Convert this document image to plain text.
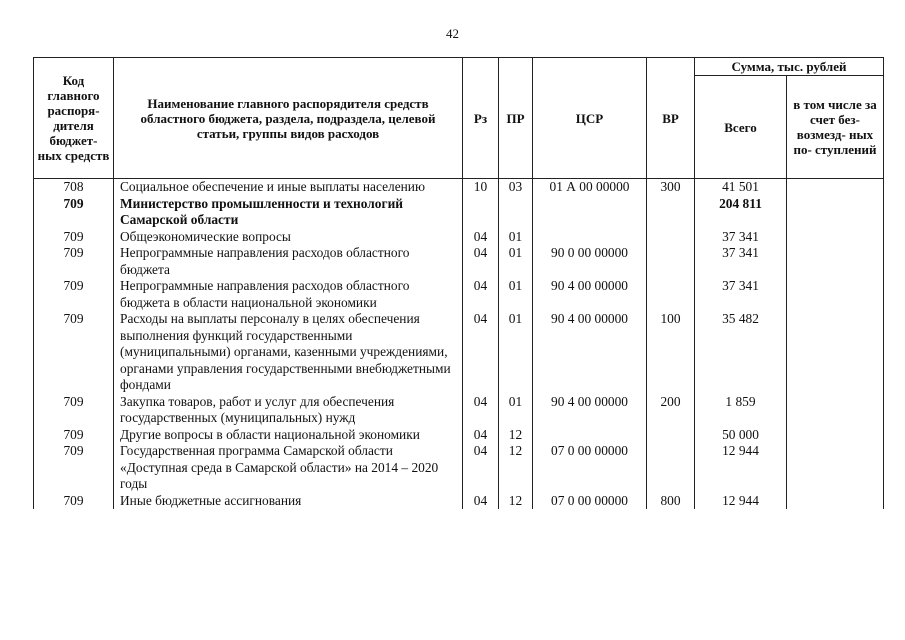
42
Код главного распоря- дителя бюджет- ных средств	Наименование главного распорядителя средств областного бюджета, раздела, подраздела, целевой статьи, группы видов расходов	Рз	ПР	ЦСР	ВР	Сумма, тыс. рублей	
						Всего	в том числе за счет без- возмезд- ных по- ступлений
708	Социальное обеспечение и иные выплаты населению	10	03	01 А 00 00000	300	41 501	
709	Министерство промышленности и технологий Самарской области					204 811	
709	Общеэкономические вопросы	04	01			37 341	
709	Непрограммные направления расходов областного бюджета	04	01	90 0 00 00000		37 341	
709	Непрограммные направления расходов областного бюджета в области национальной экономики	04	01	90 4 00 00000		37 341	
709	Расходы на выплаты персоналу в целях обеспечения выполнения функций государственными (муниципальными) органами, казенными учреждениями, органами управления государственными внебюджетными фондами	04	01	90 4 00 00000	100	35 482	
709	Закупка товаров, работ и услуг для обеспечения государственных (муниципальных) нужд	04	01	90 4 00 00000	200	1 859	
709	Другие вопросы в области национальной экономики	04	12			50 000	
709	Государственная программа Самарской области «Доступная среда в Самарской области» на 2014 – 2020 годы	04	12	07 0 00 00000		12 944	
709	Иные бюджетные ассигнования	04	12	07 0 00 00000	800	12 944	
